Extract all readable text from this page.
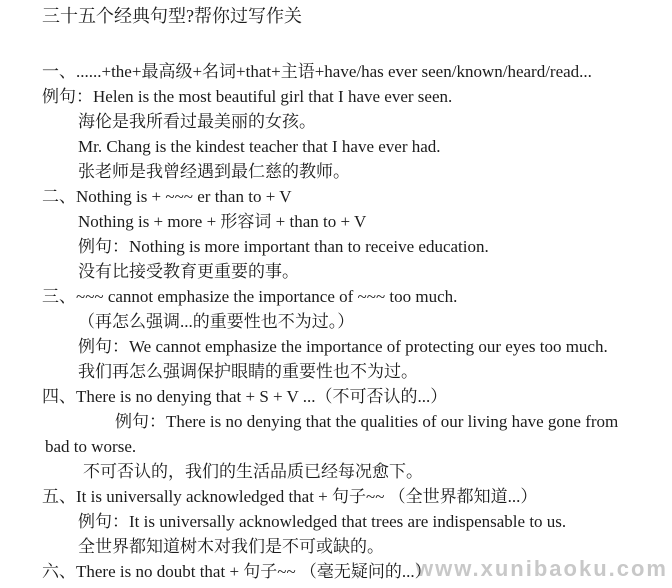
www.xunibaoku.com
三十五个经典句型?帮你过写作关
一、......+the+最高级+名词+that+主语+have/has ever seen/known/heard/read...
例句：Helen is the most beautiful girl that I have ever seen.
海伦是我所看过最美丽的女孩。
Mr. Chang is the kindest teacher that I have ever had.
张老师是我曾经遇到最仁慈的教师。
二、Nothing is + ~~~ er than to + V
Nothing is + more + 形容词 + than to + V
例句：Nothing is more important than to receive education.
没有比接受教育更重要的事。
三、~~~ cannot emphasize the importance of ~~~ too much.
（再怎么强调...的重要性也不为过。）
例句：We cannot emphasize the importance of protecting our eyes too much.
我们再怎么强调保护眼睛的重要性也不为过。
四、There is no denying that + S + V ...（不可否认的...）
例句：There is no denying that the qualities of our living have gone from
bad to worse.
不可否认的，我们的生活品质已经每况愈下。
五、It is universally acknowledged that + 句子~~ （全世界都知道...）
例句：It is universally acknowledged that trees are indispensable to us.
全世界都知道树木对我们是不可或缺的。
六、There is no doubt that + 句子~~ （毫无疑问的...）
